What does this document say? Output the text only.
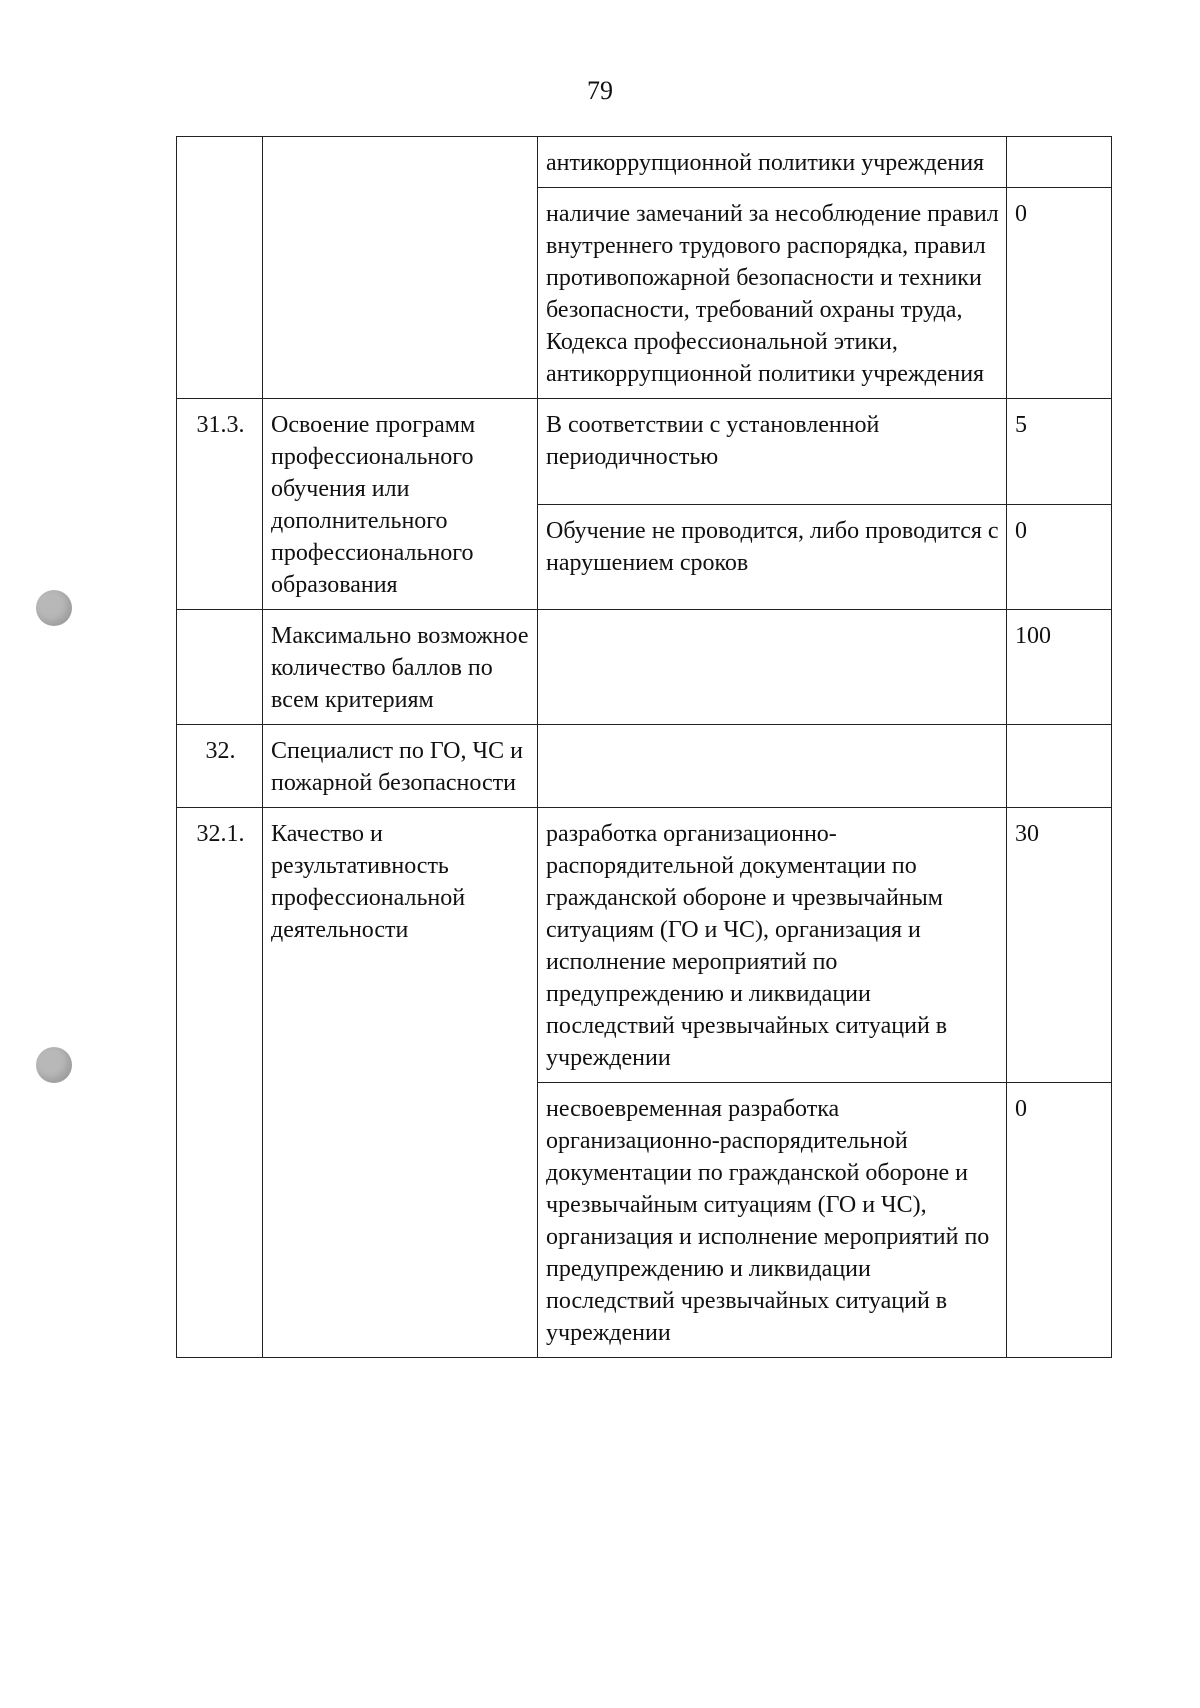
79
		антикоррупционной политики учреждения	
		наличие замечаний за несоблюдение правил внутреннего трудового распорядка, правил противопожарной безопасности и техники безопасности, требований охраны труда, Кодекса профессиональной этики, антикоррупционной политики учреждения	0
31.3.	Освоение программ профессионального обучения или дополнительного профессионального образования	В соответствии с установленной периодичностью	5
		Обучение не проводится, либо проводится с нарушением сроков	0
	Максимально возможное количество баллов по всем критериям		100
32.	Специалист по ГО, ЧС и пожарной безопасности		
32.1.	Качество и результативность профессиональной деятельности	разработка организационно-распорядительной документации по гражданской обороне и чрезвычайным ситуациям (ГО и ЧС), организация и исполнение мероприятий по предупреждению и ликвидации последствий чрезвычайных ситуаций в учреждении	30
		несвоевременная разработка организационно-распорядительной документации по гражданской обороне и чрезвычайным ситуациям (ГО и ЧС), организация и исполнение мероприятий по предупреждению и ликвидации последствий чрезвычайных ситуаций в учреждении	0
